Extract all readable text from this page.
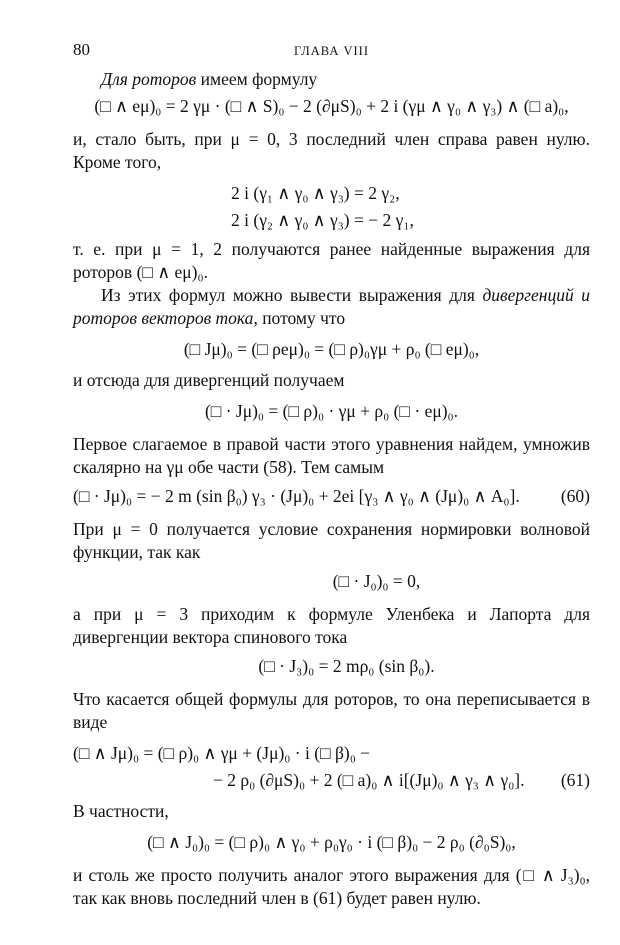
80	ГЛАВА VIII

Для роторов имеем формулу

(□ ∧ eμ)₀ = 2 γμ · (□ ∧ S)₀ − 2 (∂μS)₀ + 2 i (γμ ∧ γ₀ ∧ γ₃) ∧ (□ a)₀,

и, стало быть, при μ = 0, 3 последний член справа равен нулю. Кроме того,

2 i (γ₁ ∧ γ₀ ∧ γ₃) = 2 γ₂,
2 i (γ₂ ∧ γ₀ ∧ γ₃) = − 2 γ₁,

т. е. при μ = 1, 2 получаются ранее найденные выражения для роторов (□ ∧ eμ)₀.

Из этих формул можно вывести выражения для дивергенций и роторов векторов тока, потому что

(□ Jμ)₀ = (□ ρeμ)₀ = (□ ρ)₀γμ + ρ₀ (□ eμ)₀,

и отсюда для дивергенций получаем

(□ · Jμ)₀ = (□ ρ)₀ · γμ + ρ₀ (□ · eμ)₀.

Первое слагаемое в правой части этого уравнения найдем, умножив скалярно на γμ обе части (58). Тем самым

(□ · Jμ)₀ = − 2 m (sin β₀) γ₃ · (Jμ)₀ + 2ei [γ₃ ∧ γ₀ ∧ (Jμ)₀ ∧ A₀]. (60)

При μ = 0 получается условие сохранения нормировки волновой функции, так как

(□ · J₀)₀ = 0,

а при μ = 3 приходим к формуле Уленбека и Лапорта для дивергенции вектора спинового тока

(□ · J₃)₀ = 2 mρ₀ (sin β₀).

Что касается общей формулы для роторов, то она переписывается в виде

(□ ∧ Jμ)₀ = (□ ρ)₀ ∧ γμ + (Jμ)₀ · i (□ β)₀ −
− 2 ρ₀ (∂μS)₀ + 2 (□ a)₀ ∧ i[(Jμ)₀ ∧ γ₃ ∧ γ₀]. (61)

В частности,

(□ ∧ J₀)₀ = (□ ρ)₀ ∧ γ₀ + ρ₀γ₀ · i (□ β)₀ − 2 ρ₀ (∂₀S)₀,

и столь же просто получить аналог этого выражения для (□ ∧ J₃)₀, так как вновь последний член в (61) будет равен нулю.
